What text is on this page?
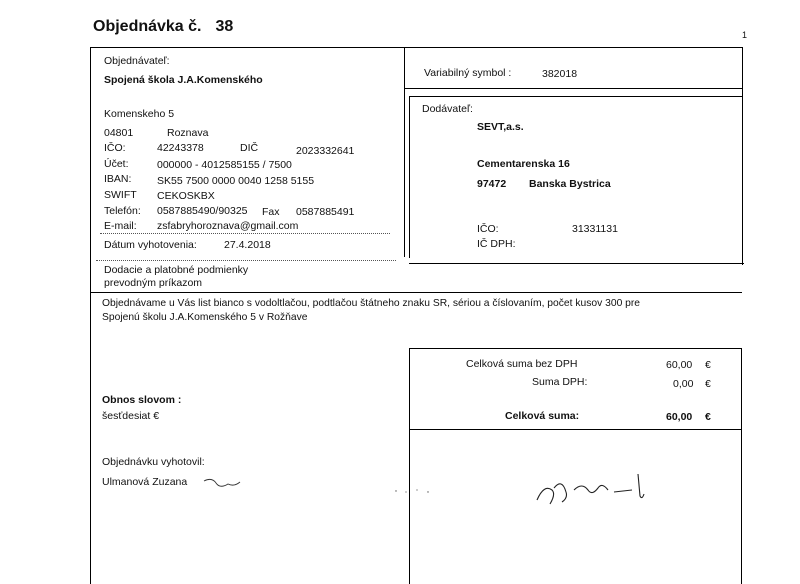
Objednávka č. 38	1
Objednávateľ:
Spojená škola J.A.Komenského
Komenskeho 5
04801	Roznava
IČO:	42243378	DIČ	2023332641
Účet:	000000 - 4012585155 / 7500
IBAN: SK55 7500 0000 0040 1258 5155
SWIFT CEKOSKBX
Telefón: 0587885490/90325 Fax 0587885491
E-mail: zsfabryhoroznava@gmail.com
Dátum vyhotovenia:	27.4.2018
Variabilný symbol :	382018
Dodávateľ:
SEVT,a.s.
Cementarenska 16
97472 Banska Bystrica
IČO:	31331131
IČ DPH:
Dodacie a platobné podmienky
prevodným príkazom
Objednávame u Vás list bianco s vodoltlačou, podtlačou štátneho znaku SR, sériou a číslovaním, počet kusov 300 pre
Spojenú školu J.A.Komenského 5 v Rožňave
Celková suma bez DPH	60,00 €
Suma DPH:	0,00 €
Celková suma:	60,00 €
Obnos slovom :
šesťdesiat €
Objednávku vyhotovil:
Ulmanová Zuzana
